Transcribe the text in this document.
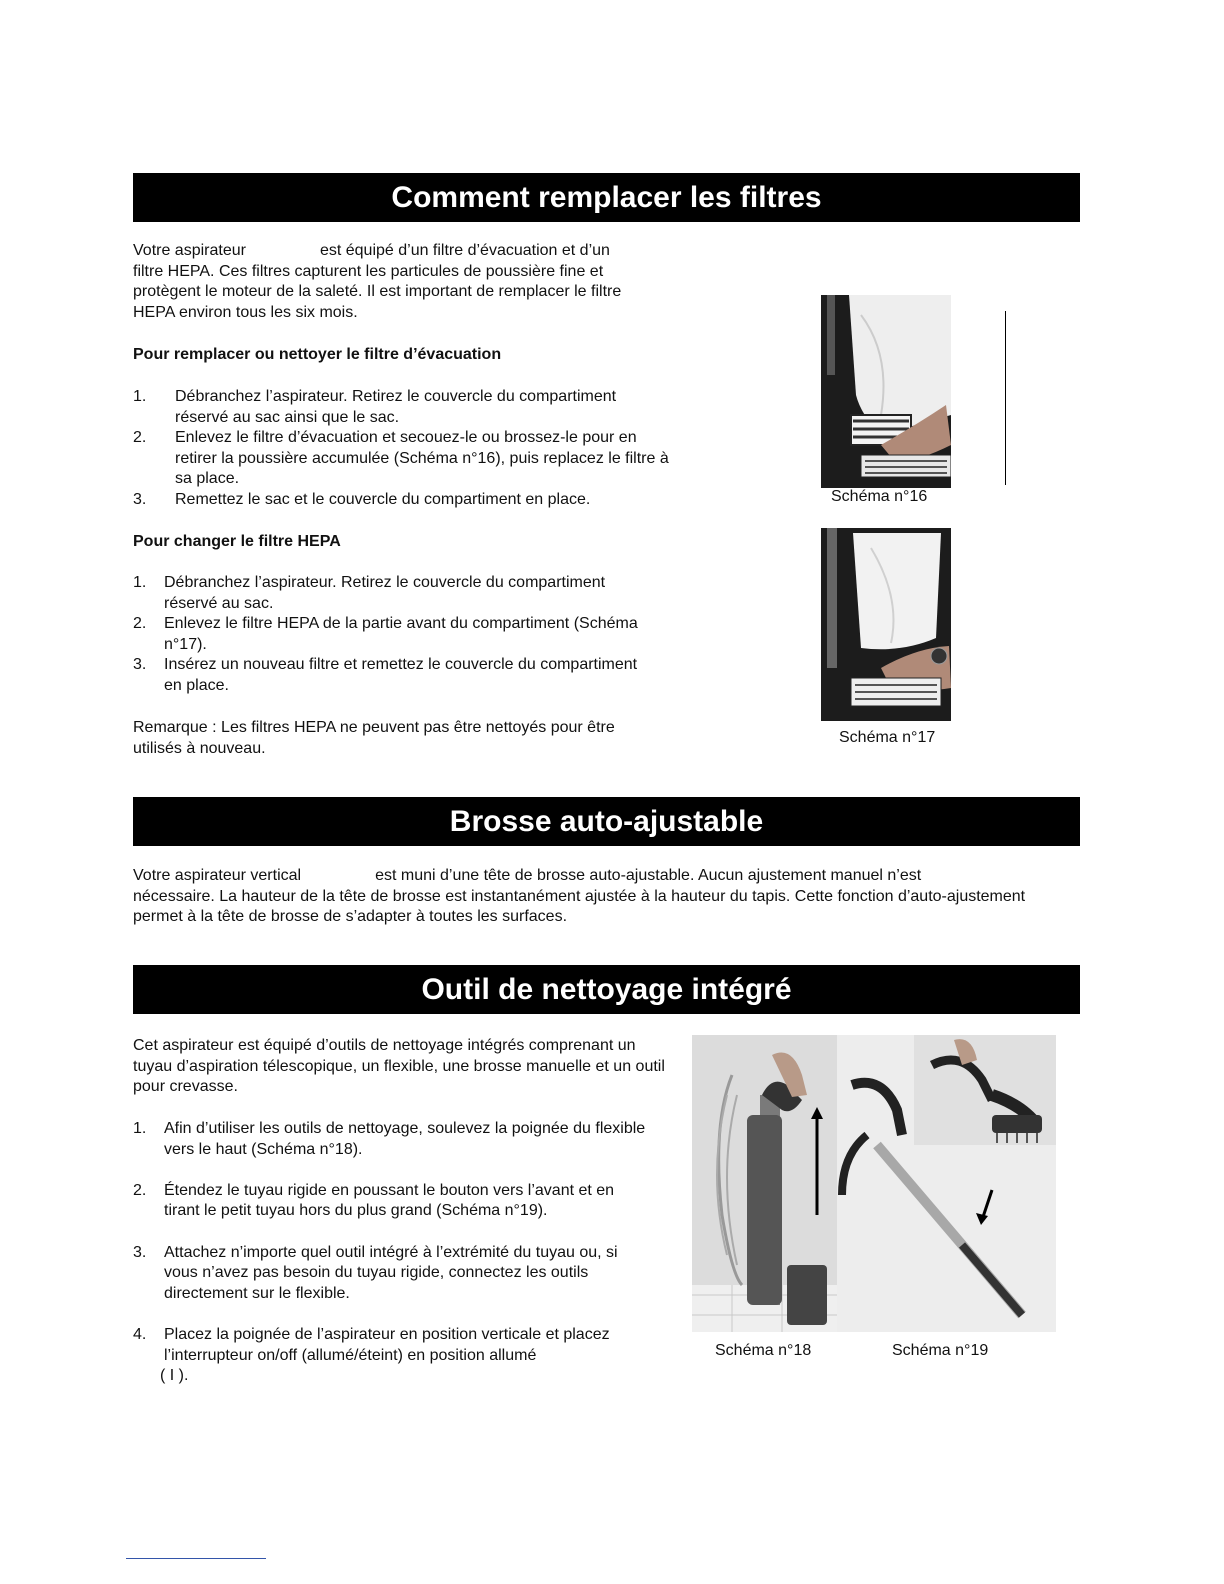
Comment remplacer les filtres
Votre aspirateur	est équipé d’un filtre d’évacuation et d’un
filtre HEPA. Ces filtres capturent les particules de poussière fine et protègent le moteur de la saleté. Il est important de remplacer le filtre HEPA environ tous les six mois.
Pour remplacer ou nettoyer le filtre d’évacuation
1. Débranchez l’aspirateur. Retirez le couvercle du compartiment réservé au sac ainsi que le sac.
2. Enlevez le filtre d’évacuation et secouez-le ou brossez-le pour en retirer la poussière accumulée (Schéma n°16), puis replacez le filtre à sa place.
3. Remettez le sac et le couvercle du compartiment en place.
Pour changer le filtre HEPA
1. Débranchez l’aspirateur. Retirez le couvercle du compartiment réservé au sac.
2. Enlevez le filtre HEPA de la partie avant du compartiment (Schéma n°17).
3. Insérez un nouveau filtre et remettez le couvercle du compartiment en place.
Remarque : Les filtres HEPA ne peuvent pas être nettoyés pour être utilisés à nouveau.
Schéma n°16
Schéma n°17
Brosse auto-ajustable
Votre aspirateur vertical	est muni d’une tête de brosse auto-ajustable. Aucun ajustement manuel n’est
nécessaire. La hauteur de la tête de brosse est instantanément ajustée à la hauteur du tapis. Cette fonction d’auto-ajustement permet à la tête de brosse de s’adapter à toutes les surfaces.
Outil de nettoyage intégré
Cet aspirateur est équipé d’outils de nettoyage intégrés comprenant un tuyau d’aspiration télescopique, un flexible, une brosse manuelle et un outil pour crevasse.
1. Afin d’utiliser les outils de nettoyage, soulevez la poignée du flexible vers le haut (Schéma n°18).
2. Étendez le tuyau rigide en poussant le bouton vers l’avant et en tirant le petit tuyau hors du plus grand (Schéma n°19).
3. Attachez n’importe quel outil intégré à l’extrémité du tuyau ou, si vous n’avez pas besoin du tuyau rigide, connectez les outils directement sur le flexible.
4. Placez la poignée de l’aspirateur en position verticale et placez l’interrupteur on/off (allumé/éteint) en position allumé
( I ).
Schéma n°18	Schéma n°19
